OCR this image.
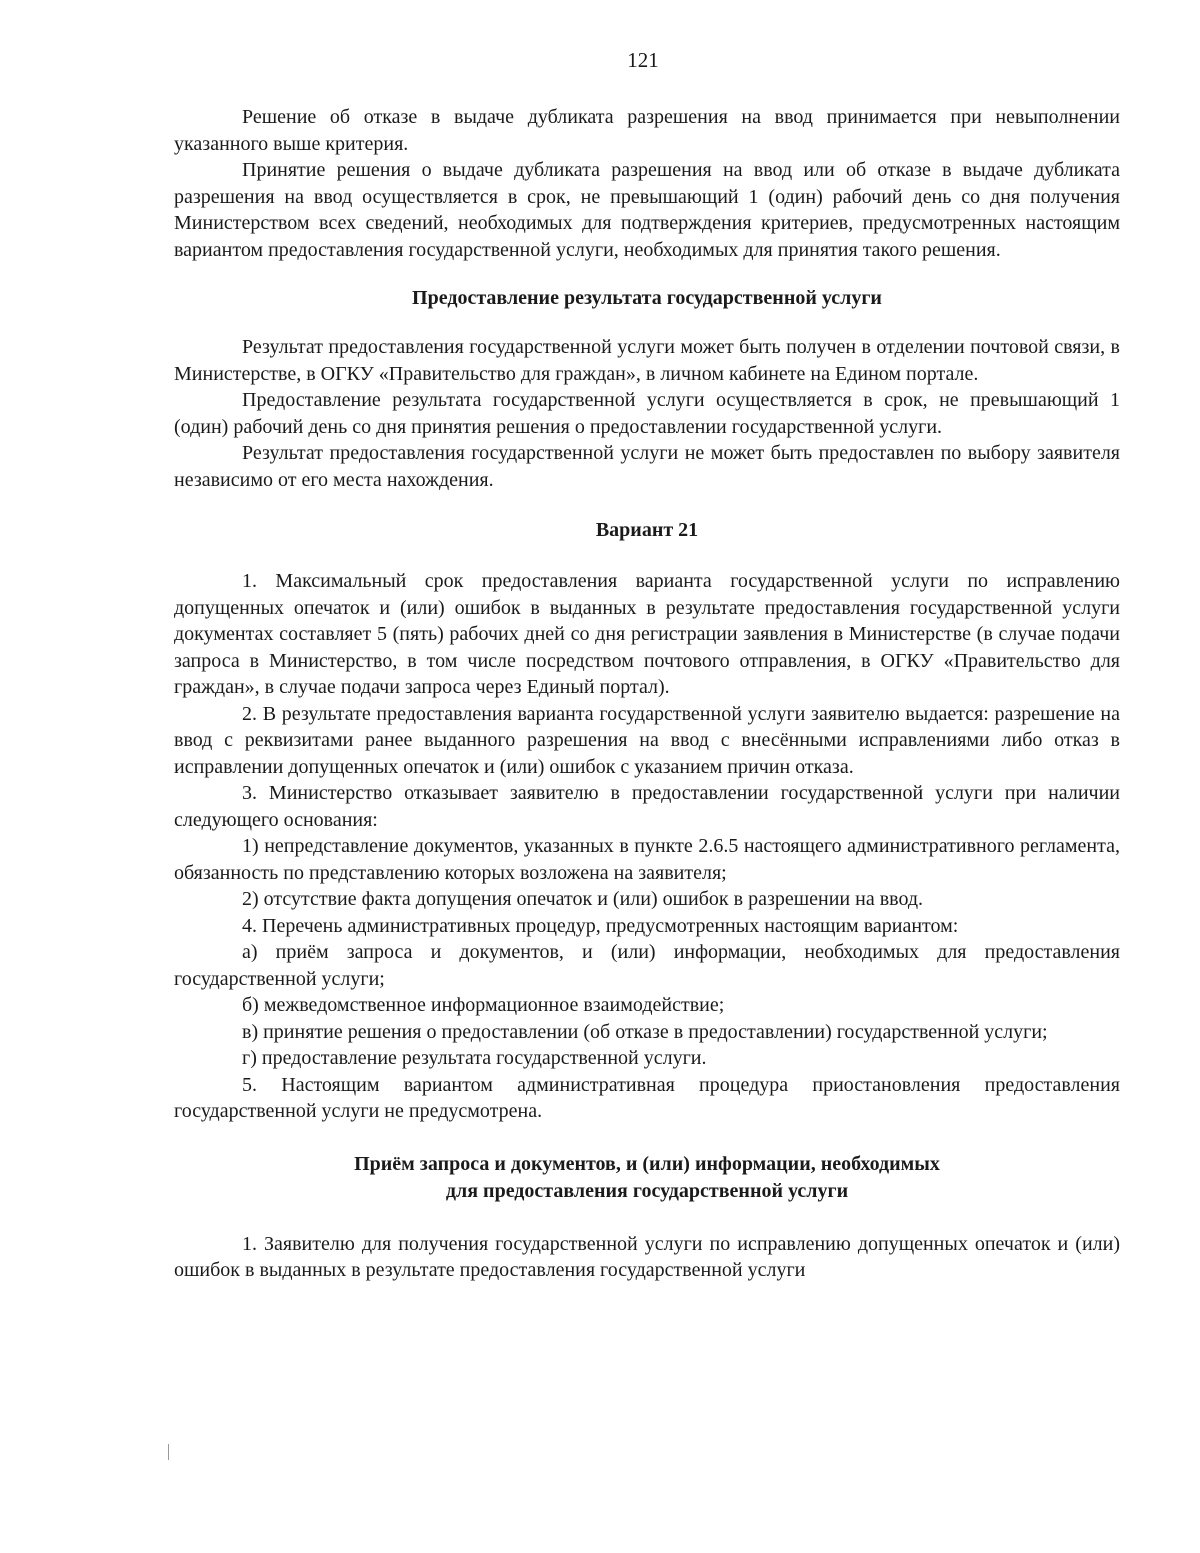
121

Решение об отказе в выдаче дубликата разрешения на ввод принимается при невыполнении указанного выше критерия.

Принятие решения о выдаче дубликата разрешения на ввод или об отказе в выдаче дубликата разрешения на ввод осуществляется в срок, не превышающий 1 (один) рабочий день со дня получения Министерством всех сведений, необходимых для подтверждения критериев, предусмотренных настоящим вариантом предоставления государственной услуги, необходимых для принятия такого решения.

Предоставление результата государственной услуги

Результат предоставления государственной услуги может быть получен в отделении почтовой связи, в Министерстве, в ОГКУ «Правительство для граждан», в личном кабинете на Едином портале.

Предоставление результата государственной услуги осуществляется в срок, не превышающий 1 (один) рабочий день со дня принятия решения о предоставлении государственной услуги.

Результат предоставления государственной услуги не может быть предоставлен по выбору заявителя независимо от его места нахождения.

Вариант 21

1. Максимальный срок предоставления варианта государственной услуги по исправлению допущенных опечаток и (или) ошибок в выданных в результате предоставления государственной услуги документах составляет 5 (пять) рабочих дней со дня регистрации заявления в Министерстве (в случае подачи запроса в Министерство, в том числе посредством почтового отправления, в ОГКУ «Правительство для граждан», в случае подачи запроса через Единый портал).

2. В результате предоставления варианта государственной услуги заявителю выдается: разрешение на ввод с реквизитами ранее выданного разрешения на ввод с внесёнными исправлениями либо отказ в исправлении допущенных опечаток и (или) ошибок с указанием причин отказа.

3. Министерство отказывает заявителю в предоставлении государственной услуги при наличии следующего основания:

1) непредставление документов, указанных в пункте 2.6.5 настоящего административного регламента, обязанность по представлению которых возложена на заявителя;

2) отсутствие факта допущения опечаток и (или) ошибок в разрешении на ввод.

4. Перечень административных процедур, предусмотренных настоящим вариантом:

а) приём запроса и документов, и (или) информации, необходимых для предоставления государственной услуги;

б) межведомственное информационное взаимодействие;

в) принятие решения о предоставлении (об отказе в предоставлении) государственной услуги;

г) предоставление результата государственной услуги.

5. Настоящим вариантом административная процедура приостановления предоставления государственной услуги не предусмотрена.

Приём запроса и документов, и (или) информации, необходимых
для предоставления государственной услуги

1. Заявителю для получения государственной услуги по исправлению допущенных опечаток и (или) ошибок в выданных в результате предоставления государственной услуги
